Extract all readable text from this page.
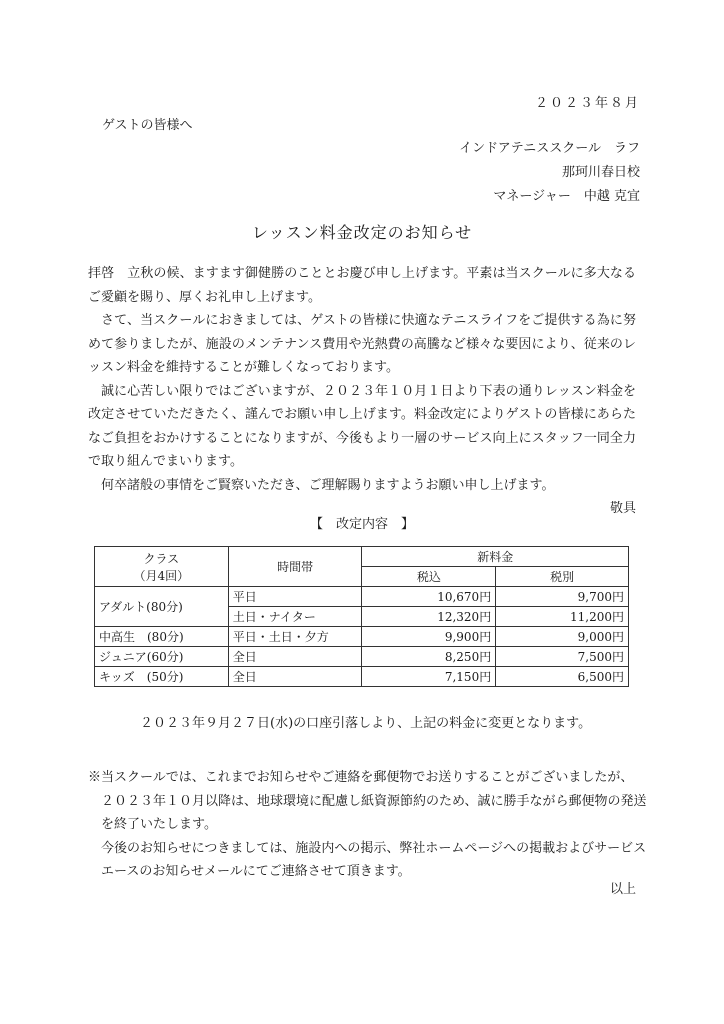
２０２３年８月
ゲストの皆様へ
インドアテニススクール　ラフ
那珂川春日校
マネージャー　中越 克宜
レッスン料金改定のお知らせ

拝啓　立秋の候、ますます御健勝のこととお慶び申し上げます。平素は当スクールに多大なるご愛顧を賜り、厚くお礼申し上げます。

さて、当スクールにおきましては、ゲストの皆様に快適なテニスライフをご提供する為に努めて参りましたが、施設のメンテナンス費用や光熱費の高騰など様々な要因により、従来のレッスン料金を維持することが難しくなっております。

誠に心苦しい限りではございますが、２０２３年１０月１日より下表の通りレッスン料金を改定させていただきたく、謹んでお願い申し上げます。料金改定によりゲストの皆様にあらたなご負担をおかけすることになりますが、今後もより一層のサービス向上にスタッフ一同全力で取り組んでまいります。

何卒諸般の事情をご賢察いただき、ご理解賜りますようお願い申し上げます。

敬具

【　改定内容　】
クラス
（月4回）	時間帯	新料金	
		税込	税別
アダルト(80分)	平日	10,670円	9,700円
	土日・ナイター	12,320円	11,200円
中高生　(80分)	平日・土日・夕方	9,900円	9,000円
ジュニア(60分)	全日	8,250円	7,500円
キッズ　(50分)	全日	7,150円	6,500円
２０２３年９月２７日(水)の口座引落しより、上記の料金に変更となります。

※当スクールでは、これまでお知らせやご連絡を郵便物でお送りすることがございましたが、

２０２３年１０月以降は、地球環境に配慮し紙資源節約のため、誠に勝手ながら郵便物の発送を終了いたします。

今後のお知らせにつきましては、施設内への掲示、弊社ホームページへの掲載およびサービスエースのお知らせメールにてご連絡させて頂きます。

以上
